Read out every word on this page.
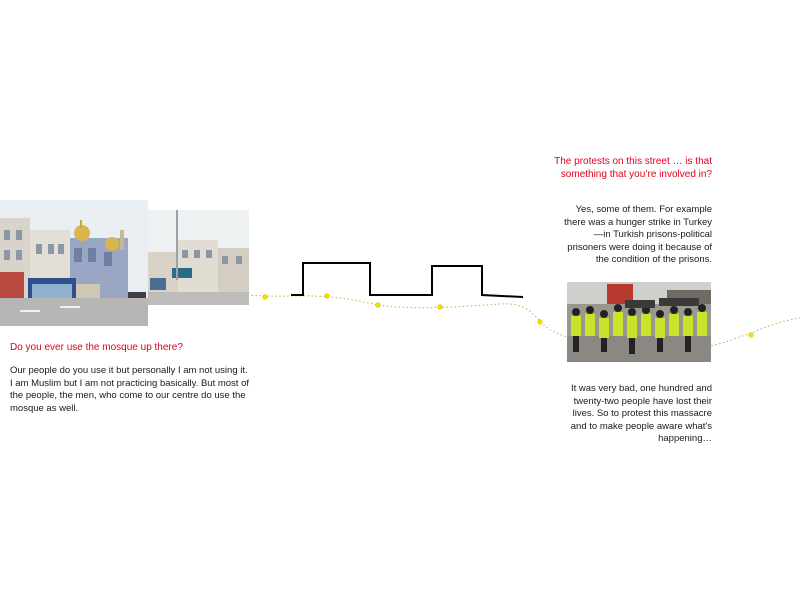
Do you ever use the mosque up there?

Our people do you use it but personally I am not using it. I am Muslim but I am not practicing basically. But most of the people, the men, who come to our centre do use the mosque as well.

The protests on this street … is that something that you’re involved in?

Yes, some of them. For example there was a hunger strike in Turkey—in Turkish prisons-political prisoners were doing it because of the condition of the prisons.

It was very bad, one hundred and twenty-two people have lost their lives. So to protest this massacre and to make people aware what's happening…
